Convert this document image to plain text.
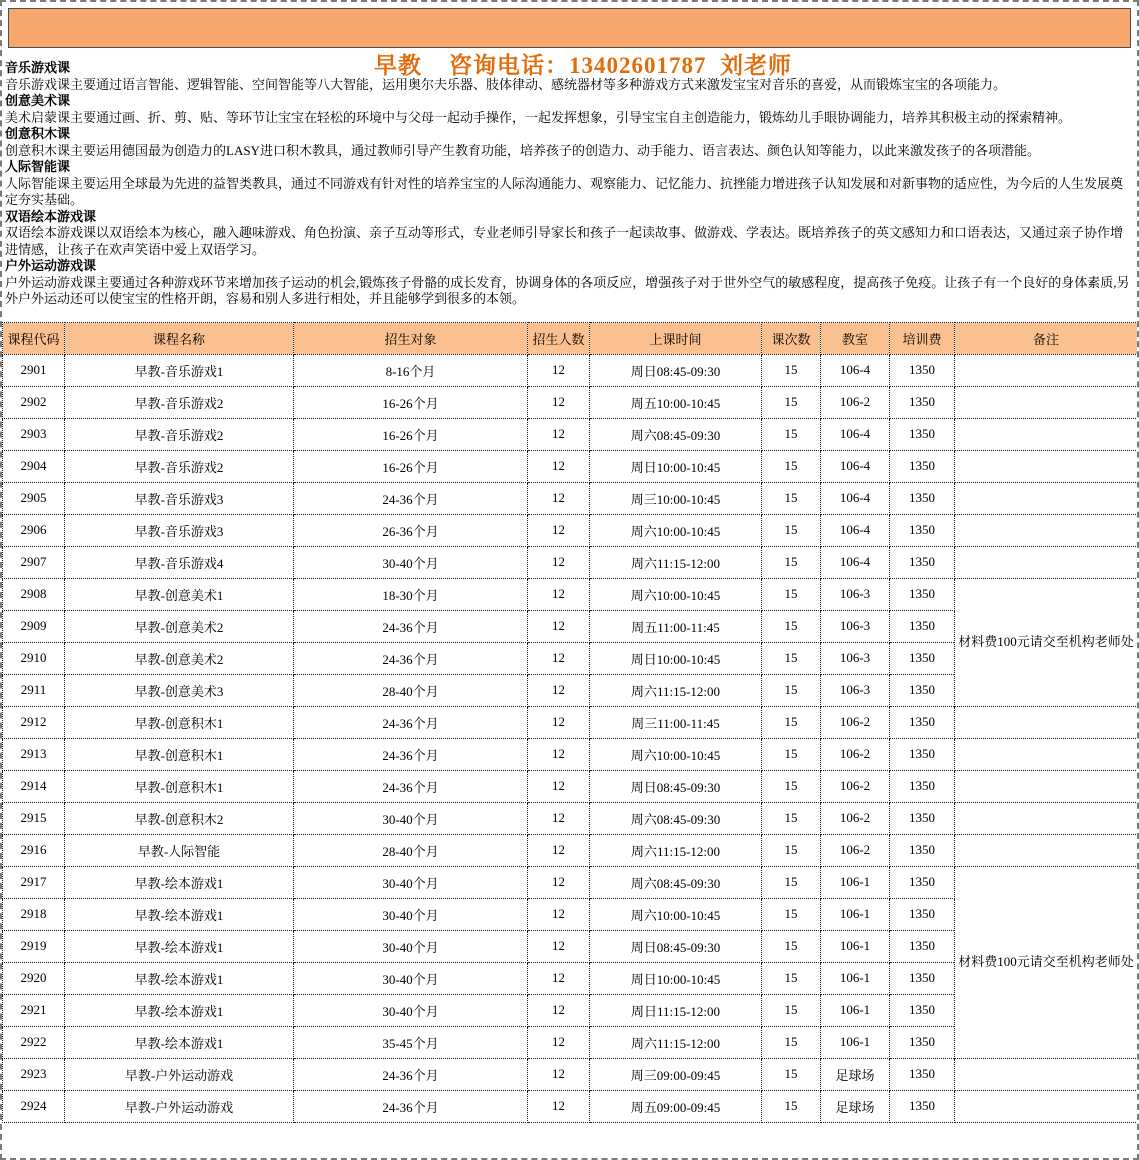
早教    咨询电话：13402601787  刘老师

音乐游戏课
音乐游戏课主要通过语言智能、逻辑智能、空间智能等八大智能，运用奥尔夫乐器、肢体律动、感统器材等多种游戏方式来激发宝宝对音乐的喜爱，从而锻炼宝宝的各项能力。
创意美术课
美术启蒙课主要通过画、折、剪、贴、等环节让宝宝在轻松的环境中与父母一起动手操作，一起发挥想象，引导宝宝自主创造能力，锻炼幼儿手眼协调能力，培养其积极主动的探索精神。
创意积木课
创意积木课主要运用德国最为创造力的LASY进口积木教具，通过教师引导产生教育功能，培养孩子的创造力、动手能力、语言表达、颜色认知等能力，以此来激发孩子的各项潜能。
人际智能课
人际智能课主要运用全球最为先进的益智类教具，通过不同游戏有针对性的培养宝宝的人际沟通能力、观察能力、记忆能力、抗挫能力增进孩子认知发展和对新事物的适应性，为今后的人生发展奠定夯实基础。
双语绘本游戏课
双语绘本游戏课以双语绘本为核心，融入趣味游戏、角色扮演、亲子互动等形式，专业老师引导家长和孩子一起读故事、做游戏、学表达。既培养孩子的英文感知力和口语表达，又通过亲子协作增进情感，让孩子在欢声笑语中爱上双语学习。
户外运动游戏课
户外运动游戏课主要通过各种游戏环节来增加孩子运动的机会,锻炼孩子骨骼的成长发育，协调身体的各项反应，增强孩子对于世外空气的敏感程度，提高孩子免疫。让孩子有一个良好的身体素质,另外户外运动还可以使宝宝的性格开朗，容易和别人多进行相处，并且能够学到很多的本领。
课程代码	课程名称	招生对象	招生人数	上课时间	课次数	教室	培训费	备注
2901	早教-音乐游戏1	8-16个月	12	周日08:45-09:30	15	106-4	1350	
2902	早教-音乐游戏2	16-26个月	12	周五10:00-10:45	15	106-2	1350	
2903	早教-音乐游戏2	16-26个月	12	周六08:45-09:30	15	106-4	1350	
2904	早教-音乐游戏2	16-26个月	12	周日10:00-10:45	15	106-4	1350	
2905	早教-音乐游戏3	24-36个月	12	周三10:00-10:45	15	106-4	1350	
2906	早教-音乐游戏3	26-36个月	12	周六10:00-10:45	15	106-4	1350	
2907	早教-音乐游戏4	30-40个月	12	周六11:15-12:00	15	106-4	1350	
2908	早教-创意美术1	18-30个月	12	周六10:00-10:45	15	106-3	1350	材料费100元请交至机构老师处
2909	早教-创意美术2	24-36个月	12	周五11:00-11:45	15	106-3	1350	
2910	早教-创意美术2	24-36个月	12	周日10:00-10:45	15	106-3	1350	
2911	早教-创意美术3	28-40个月	12	周六11:15-12:00	15	106-3	1350	
2912	早教-创意积木1	24-36个月	12	周三11:00-11:45	15	106-2	1350	
2913	早教-创意积木1	24-36个月	12	周六10:00-10:45	15	106-2	1350	
2914	早教-创意积木1	24-36个月	12	周日08:45-09:30	15	106-2	1350	
2915	早教-创意积木2	30-40个月	12	周六08:45-09:30	15	106-2	1350	
2916	早教-人际智能	28-40个月	12	周六11:15-12:00	15	106-2	1350	
2917	早教-绘本游戏1	30-40个月	12	周六08:45-09:30	15	106-1	1350	材料费100元请交至机构老师处
2918	早教-绘本游戏1	30-40个月	12	周六10:00-10:45	15	106-1	1350	
2919	早教-绘本游戏1	30-40个月	12	周日08:45-09:30	15	106-1	1350	
2920	早教-绘本游戏1	30-40个月	12	周日10:00-10:45	15	106-1	1350	
2921	早教-绘本游戏1	30-40个月	12	周日11:15-12:00	15	106-1	1350	
2922	早教-绘本游戏1	35-45个月	12	周六11:15-12:00	15	106-1	1350	
2923	早教-户外运动游戏	24-36个月	12	周三09:00-09:45	15	足球场	1350	
2924	早教-户外运动游戏	24-36个月	12	周五09:00-09:45	15	足球场	1350	
